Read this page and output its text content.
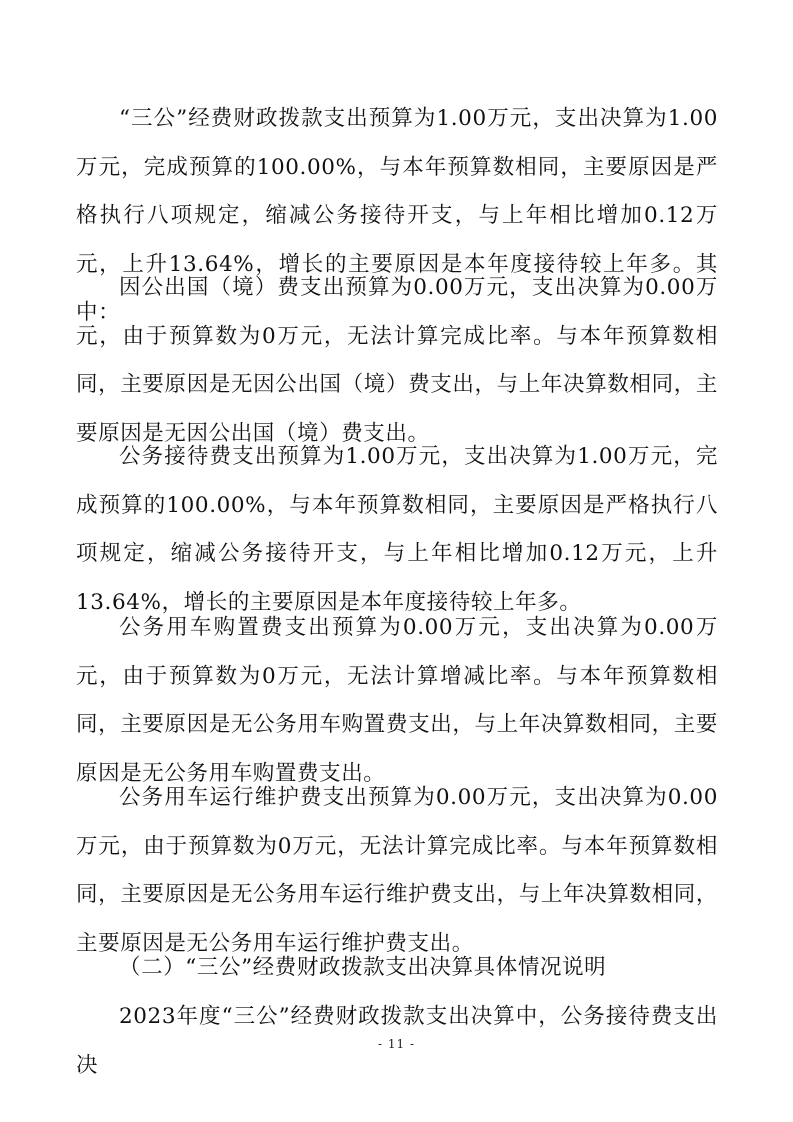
“三公”经费财政拨款支出预算为1.00万元，支出决算为1.00万元，完成预算的100.00%，与本年预算数相同，主要原因是严格执行八项规定，缩减公务接待开支，与上年相比增加0.12万元，上升13.64%，增长的主要原因是本年度接待较上年多。其中：

因公出国（境）费支出预算为0.00万元，支出决算为0.00万元，由于预算数为0万元，无法计算完成比率。与本年预算数相同，主要原因是无因公出国（境）费支出，与上年决算数相同，主要原因是无因公出国（境）费支出。

公务接待费支出预算为1.00万元，支出决算为1.00万元，完成预算的100.00%，与本年预算数相同，主要原因是严格执行八项规定，缩减公务接待开支，与上年相比增加0.12万元，上升13.64%，增长的主要原因是本年度接待较上年多。

公务用车购置费支出预算为0.00万元，支出决算为0.00万元，由于预算数为0万元，无法计算增减比率。与本年预算数相同，主要原因是无公务用车购置费支出，与上年决算数相同，主要原因是无公务用车购置费支出。

公务用车运行维护费支出预算为0.00万元，支出决算为0.00万元，由于预算数为0万元，无法计算完成比率。与本年预算数相同，主要原因是无公务用车运行维护费支出，与上年决算数相同，主要原因是无公务用车运行维护费支出。

（二）“三公”经费财政拨款支出决算具体情况说明

2023年度“三公”经费财政拨款支出决算中，公务接待费支出决

- 11 -
